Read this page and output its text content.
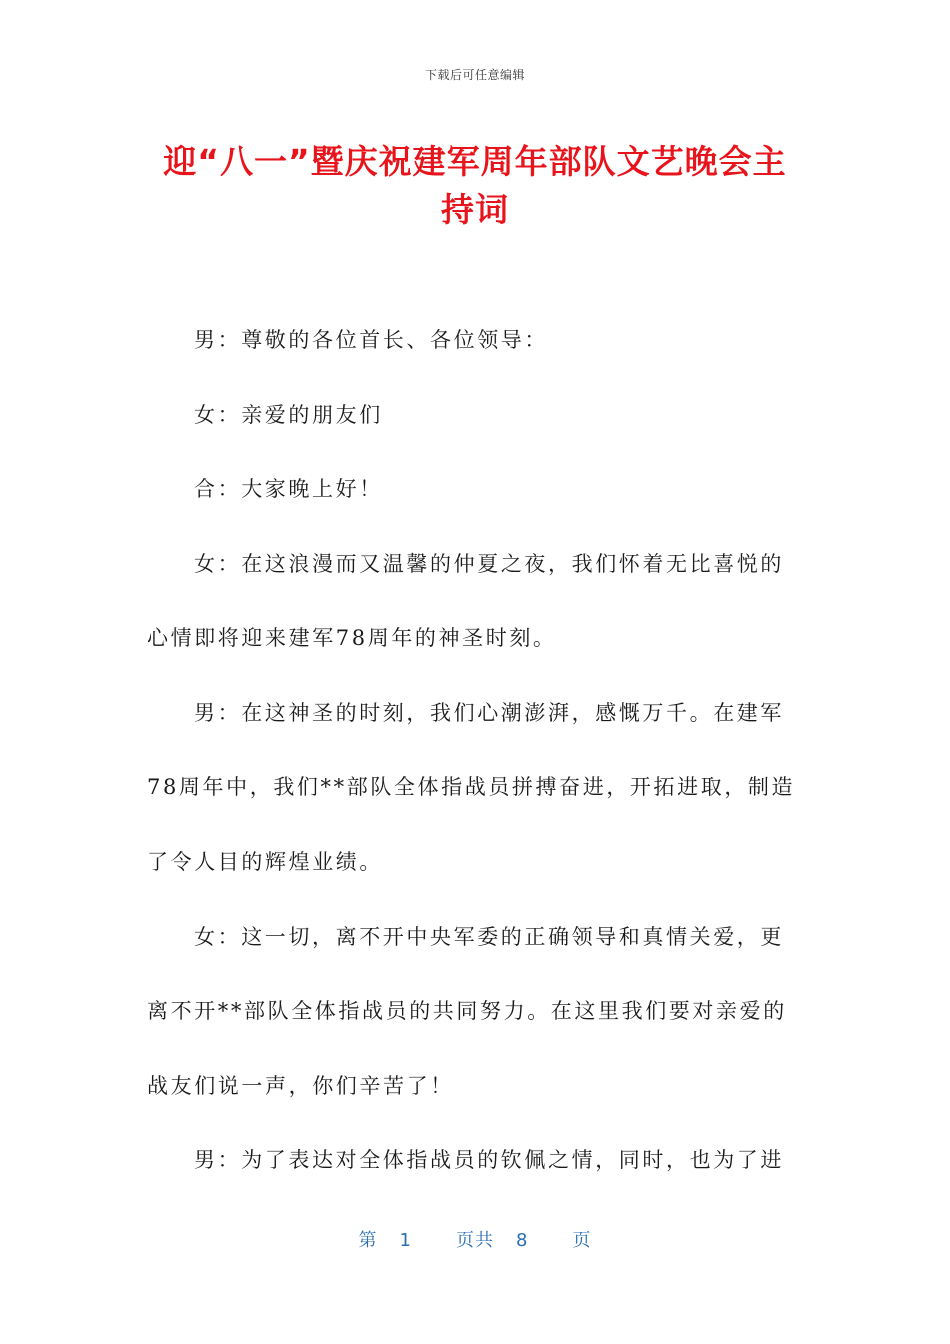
下载后可任意编辑
迎“八一”暨庆祝建军周年部队文艺晚会主
持词
男：尊敬的各位首长、各位领导：
女：亲爱的朋友们
合：大家晚上好！
女：在这浪漫而又温馨的仲夏之夜，我们怀着无比喜悦的
心情即将迎来建军78周年的神圣时刻。
男：在这神圣的时刻，我们心潮澎湃，感慨万千。在建军
78周年中，我们**部队全体指战员拼搏奋进，开拓进取，制造
了令人目的辉煌业绩。
女：这一切，离不开中央军委的正确领导和真情关爱，更
离不开**部队全体指战员的共同努力。在这里我们要对亲爱的
战友们说一声，你们辛苦了！
男：为了表达对全体指战员的钦佩之情，同时，也为了进
第 1 页共 8 页
